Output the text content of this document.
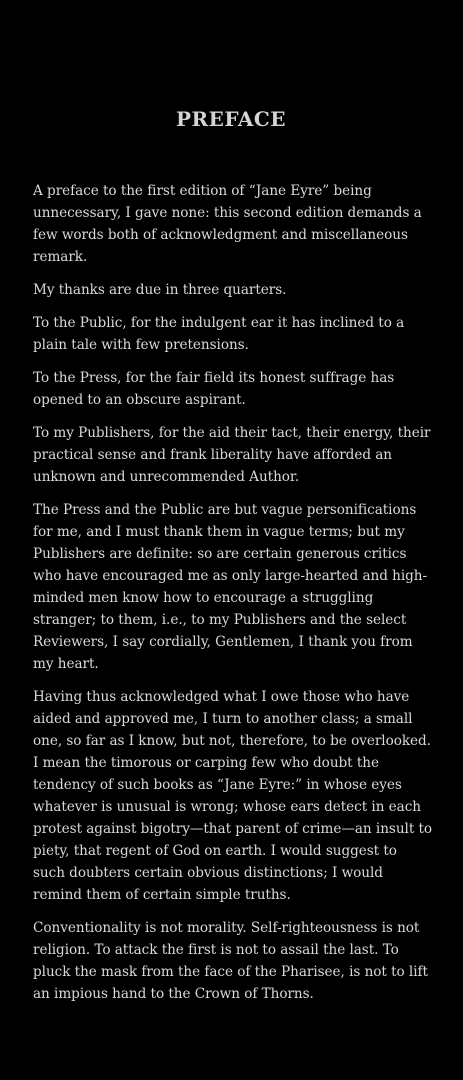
PREFACE

A preface to the first edition of “Jane Eyre” being unnecessary, I gave none: this second edition demands a few words both of acknowledgment and miscellaneous remark.

My thanks are due in three quarters.

To the Public, for the indulgent ear it has inclined to a plain tale with few pretensions.

To the Press, for the fair field its honest suffrage has opened to an obscure aspirant.

To my Publishers, for the aid their tact, their energy, their practical sense and frank liberality have afforded an unknown and unrecommended Author.

The Press and the Public are but vague personifications for me, and I must thank them in vague terms; but my Publishers are definite: so are certain generous critics who have encouraged me as only large-hearted and high-minded men know how to encourage a struggling stranger; to them, i.e., to my Publishers and the select Reviewers, I say cordially, Gentlemen, I thank you from my heart.

Having thus acknowledged what I owe those who have aided and approved me, I turn to another class; a small one, so far as I know, but not, therefore, to be overlooked. I mean the timorous or carping few who doubt the tendency of such books as “Jane Eyre:” in whose eyes whatever is unusual is wrong; whose ears detect in each protest against bigotry—that parent of crime—an insult to piety, that regent of God on earth. I would suggest to such doubters certain obvious distinctions; I would remind them of certain simple truths.

Conventionality is not morality. Self-righteousness is not religion. To attack the first is not to assail the last. To pluck the mask from the face of the Pharisee, is not to lift an impious hand to the Crown of Thorns.
